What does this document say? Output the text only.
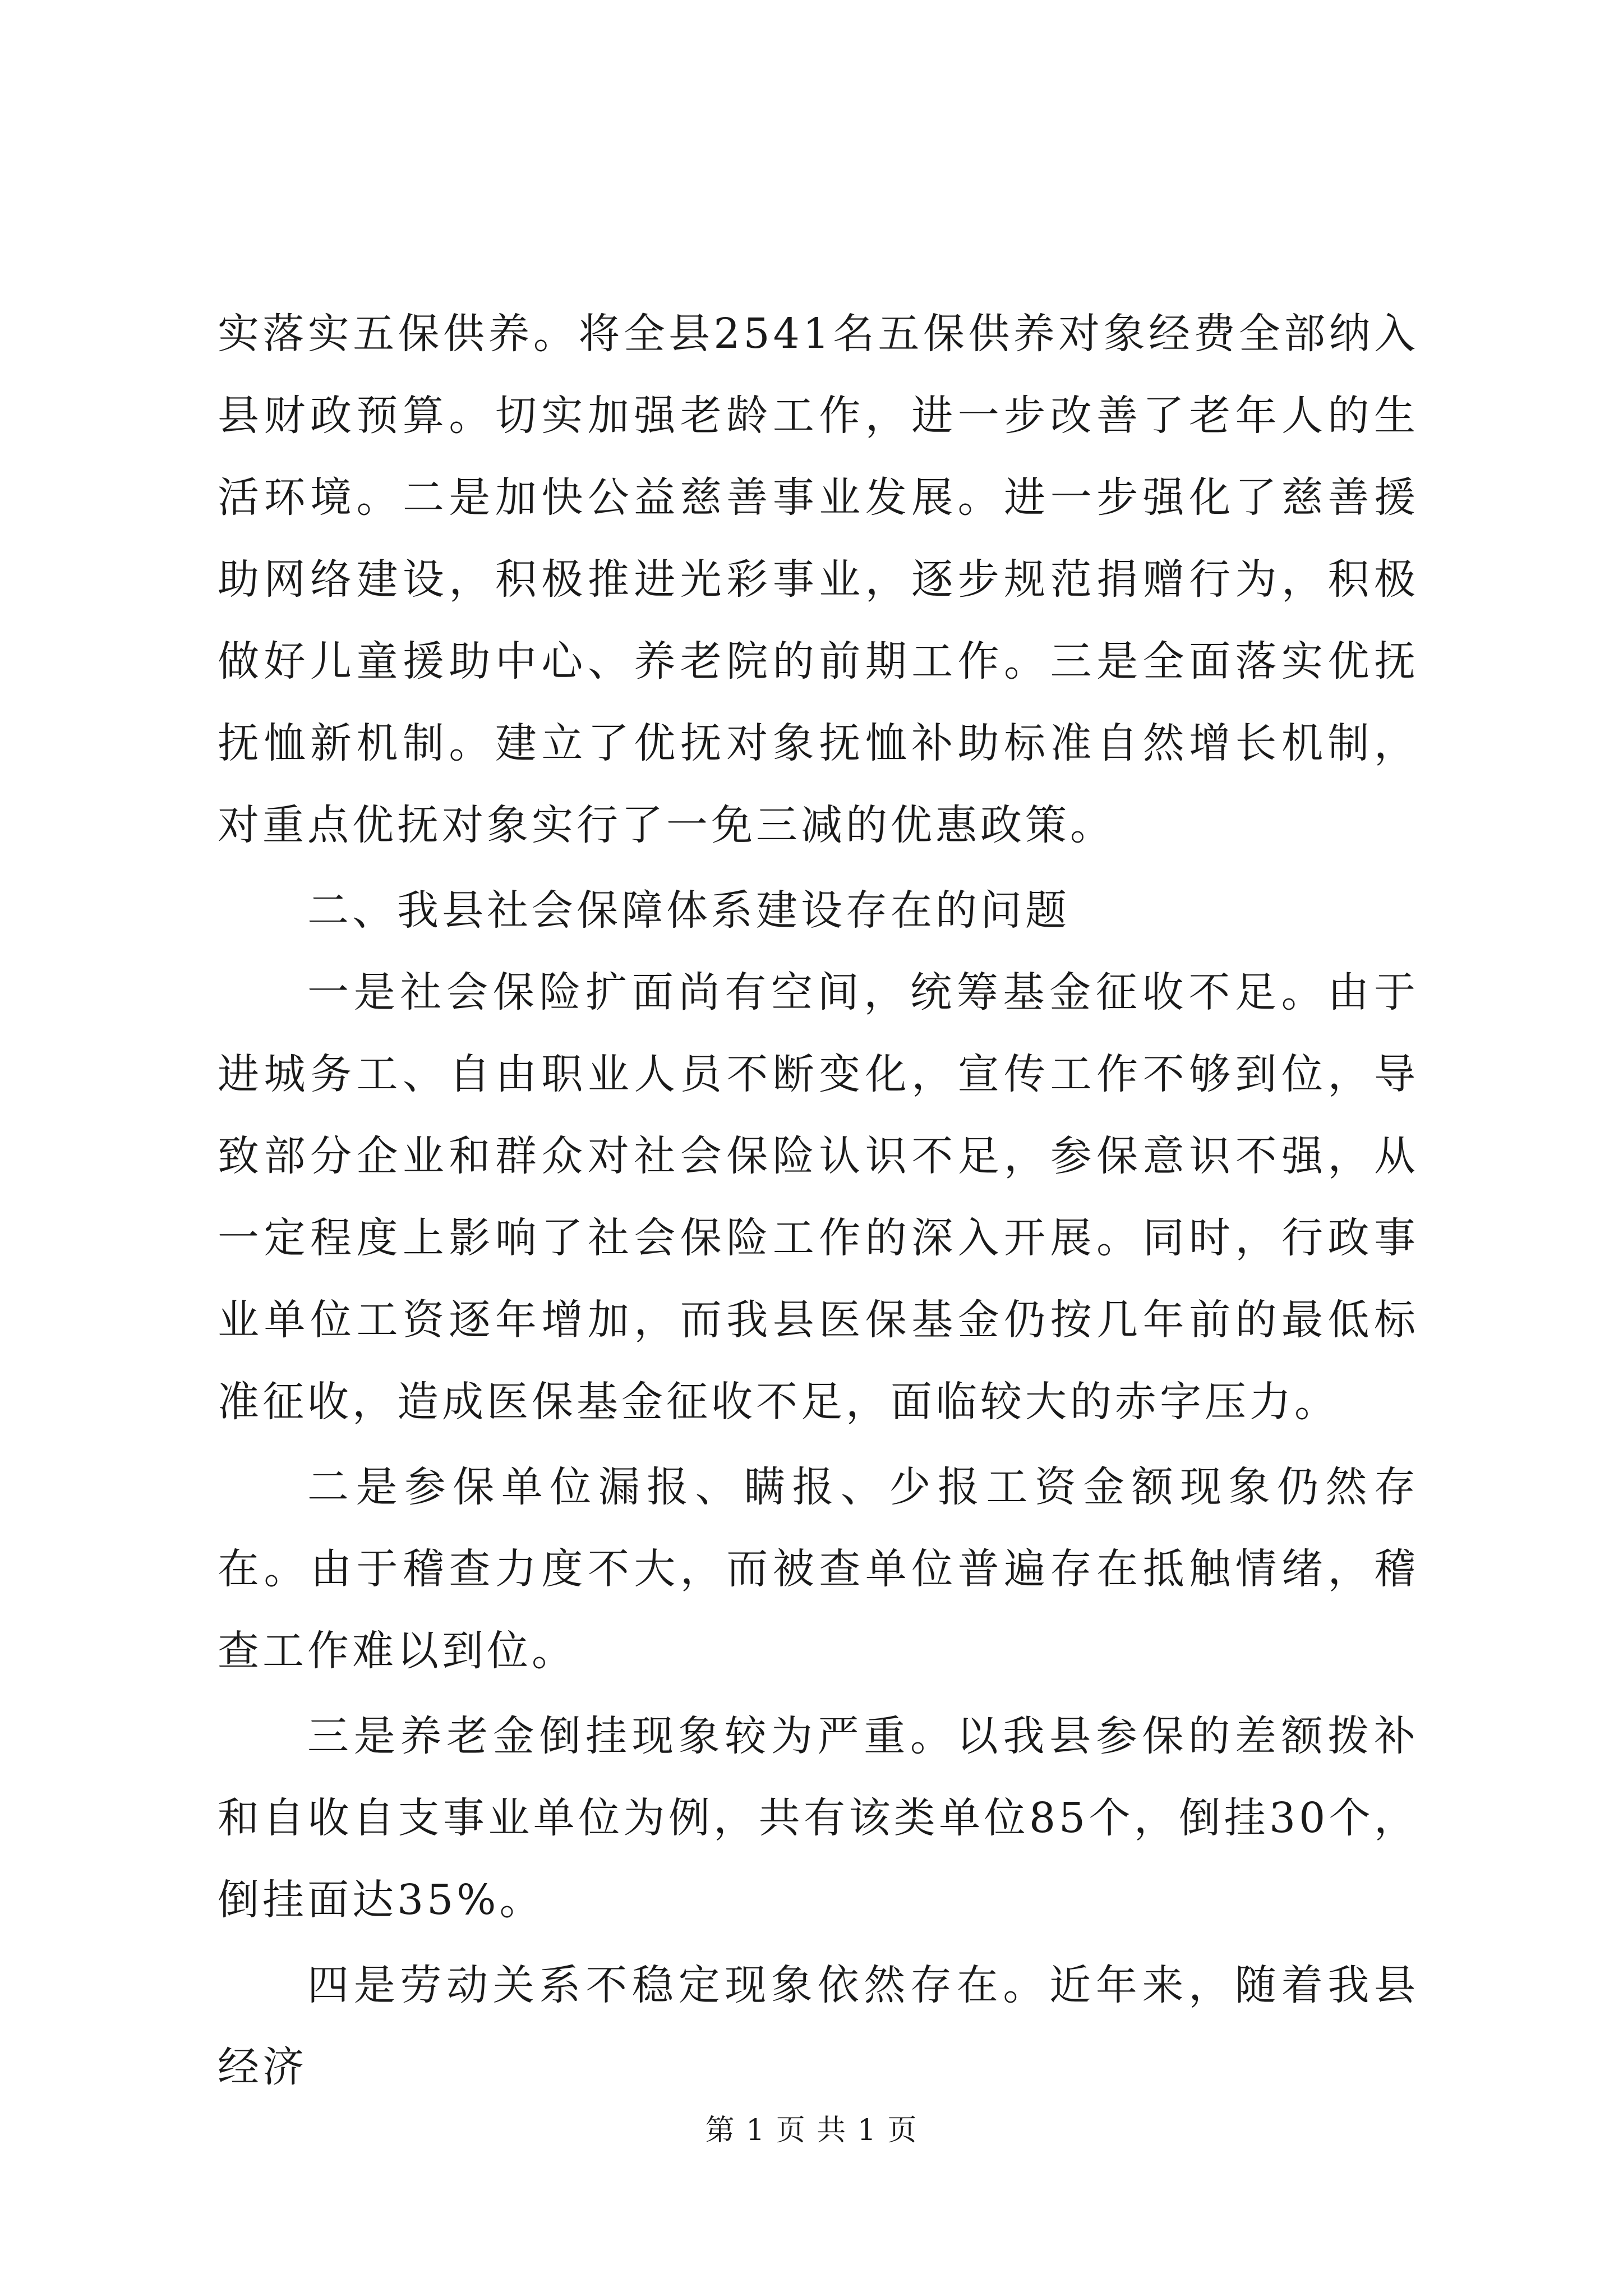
实落实五保供养。将全县2541名五保供养对象经费全部纳入县财政预算。切实加强老龄工作，进一步改善了老年人的生活环境。二是加快公益慈善事业发展。进一步强化了慈善援助网络建设，积极推进光彩事业，逐步规范捐赠行为，积极做好儿童援助中心、养老院的前期工作。三是全面落实优抚抚恤新机制。建立了优抚对象抚恤补助标准自然增长机制，对重点优抚对象实行了一免三减的优惠政策。

二、我县社会保障体系建设存在的问题

一是社会保险扩面尚有空间，统筹基金征收不足。由于进城务工、自由职业人员不断变化，宣传工作不够到位，导致部分企业和群众对社会保险认识不足，参保意识不强，从一定程度上影响了社会保险工作的深入开展。同时，行政事业单位工资逐年增加，而我县医保基金仍按几年前的最低标准征收，造成医保基金征收不足，面临较大的赤字压力。

二是参保单位漏报、瞒报、少报工资金额现象仍然存在。由于稽查力度不大，而被查单位普遍存在抵触情绪，稽查工作难以到位。

三是养老金倒挂现象较为严重。以我县参保的差额拨补和自收自支事业单位为例，共有该类单位85个，倒挂30个，倒挂面达35%。

四是劳动关系不稳定现象依然存在。近年来，随着我县经济

第 1 页 共 1 页
